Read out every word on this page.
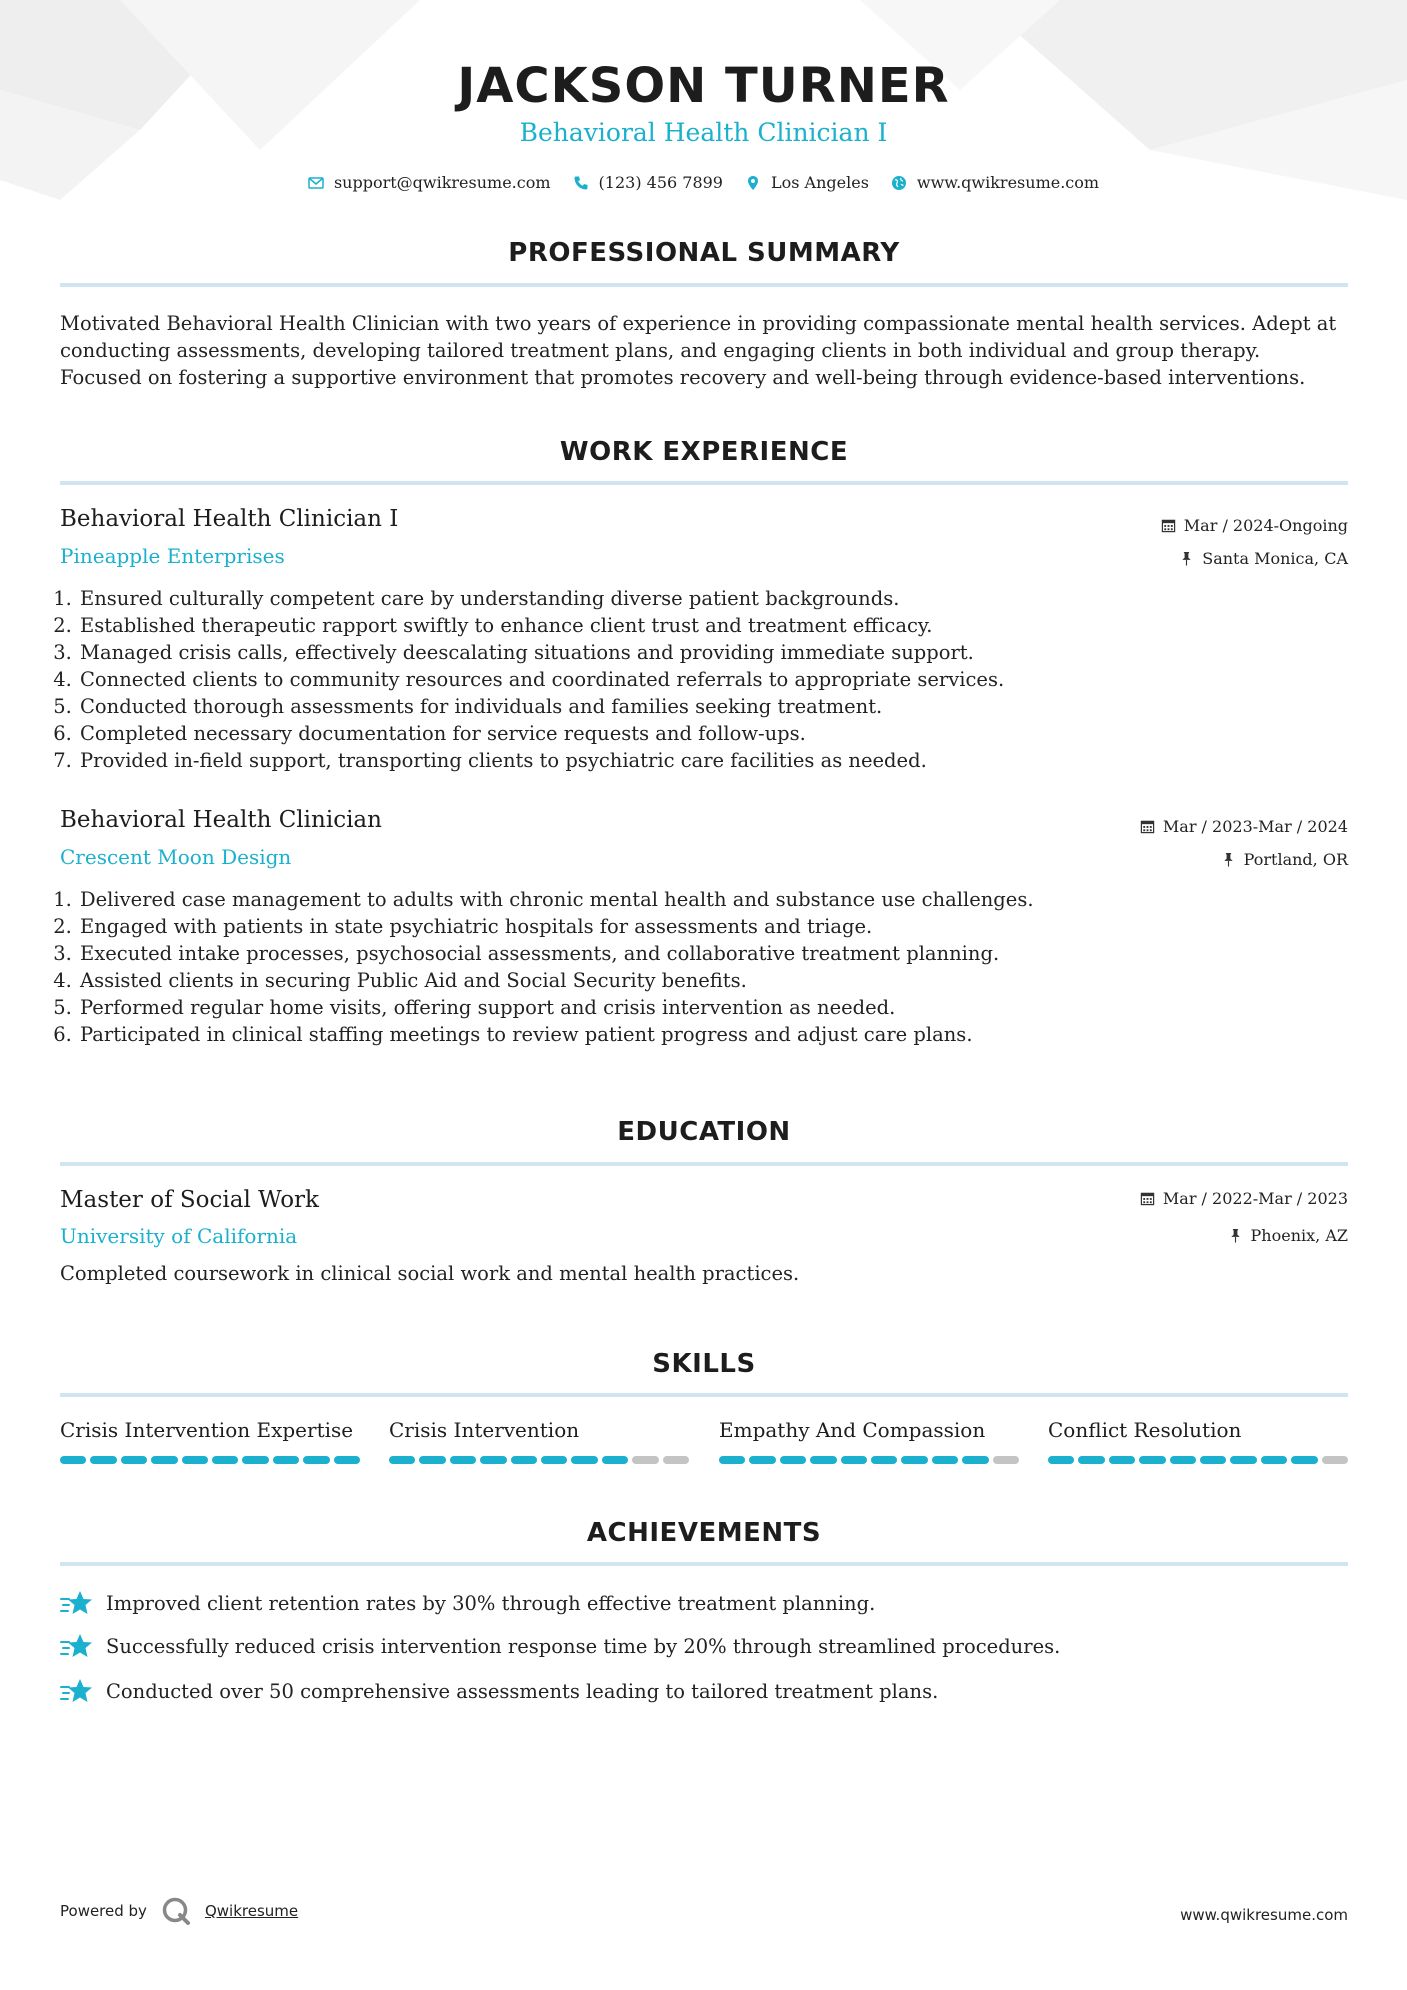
JACKSON TURNER
Behavioral Health Clinician I
support@qwikresume.com	(123) 456 7899	Los Angeles	www.qwikresume.com
PROFESSIONAL SUMMARY
Motivated Behavioral Health Clinician with two years of experience in providing compassionate mental health services. Adept at conducting assessments, developing tailored treatment plans, and engaging clients in both individual and group therapy. Focused on fostering a supportive environment that promotes recovery and well-being through evidence-based interventions.
WORK EXPERIENCE
Behavioral Health Clinician I	Mar / 2024-Ongoing
Pineapple Enterprises	Santa Monica, CA
1. Ensured culturally competent care by understanding diverse patient backgrounds.
2. Established therapeutic rapport swiftly to enhance client trust and treatment efficacy.
3. Managed crisis calls, effectively deescalating situations and providing immediate support.
4. Connected clients to community resources and coordinated referrals to appropriate services.
5. Conducted thorough assessments for individuals and families seeking treatment.
6. Completed necessary documentation for service requests and follow-ups.
7. Provided in-field support, transporting clients to psychiatric care facilities as needed.
Behavioral Health Clinician	Mar / 2023-Mar / 2024
Crescent Moon Design	Portland, OR
1. Delivered case management to adults with chronic mental health and substance use challenges.
2. Engaged with patients in state psychiatric hospitals for assessments and triage.
3. Executed intake processes, psychosocial assessments, and collaborative treatment planning.
4. Assisted clients in securing Public Aid and Social Security benefits.
5. Performed regular home visits, offering support and crisis intervention as needed.
6. Participated in clinical staffing meetings to review patient progress and adjust care plans.
EDUCATION
Master of Social Work	Mar / 2022-Mar / 2023
University of California	Phoenix, AZ
Completed coursework in clinical social work and mental health practices.
SKILLS
Crisis Intervention Expertise	Crisis Intervention	Empathy And Compassion	Conflict Resolution
ACHIEVEMENTS
Improved client retention rates by 30% through effective treatment planning.
Successfully reduced crisis intervention response time by 20% through streamlined procedures.
Conducted over 50 comprehensive assessments leading to tailored treatment plans.
Powered by	Qwikresume	www.qwikresume.com
